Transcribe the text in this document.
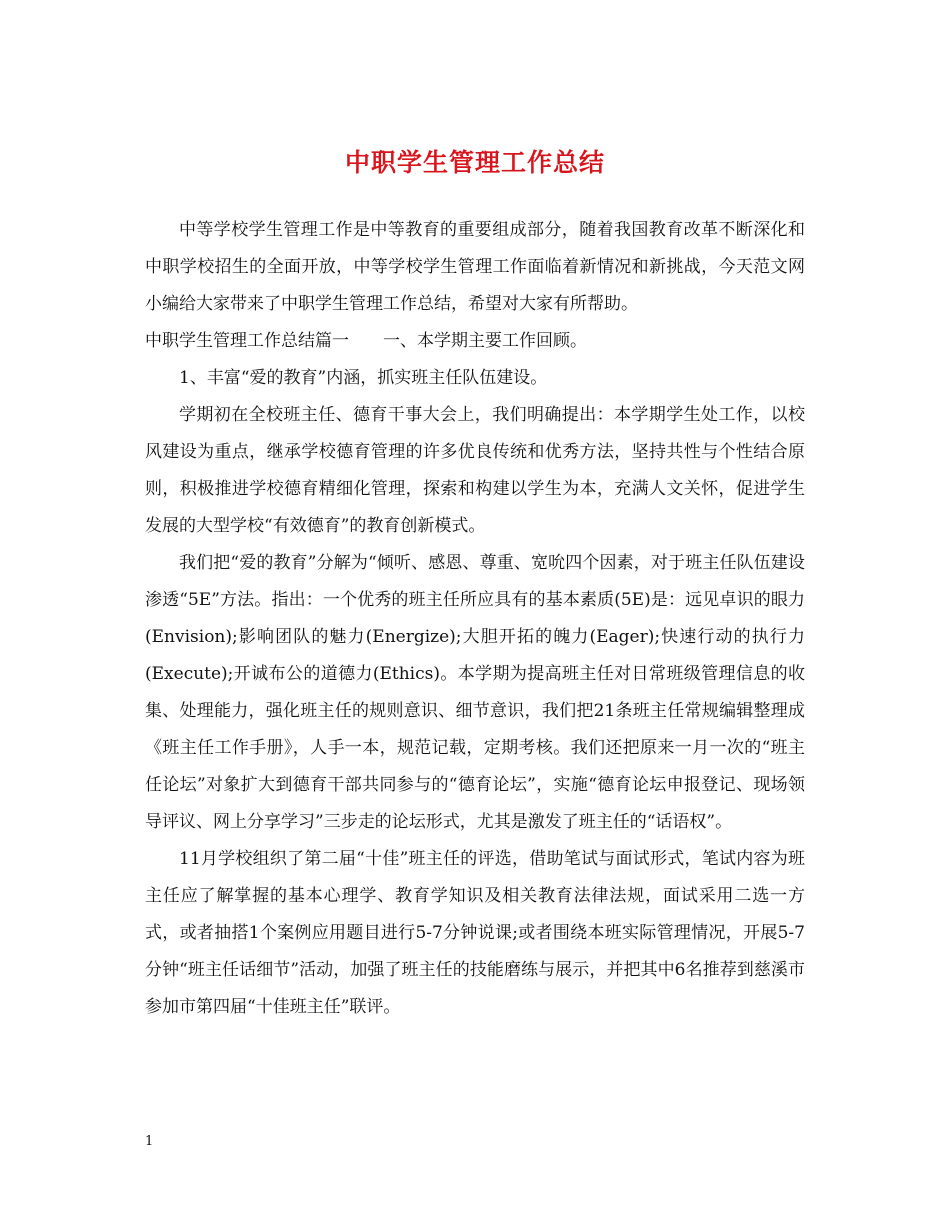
中职学生管理工作总结

中等学校学生管理工作是中等教育的重要组成部分，随着我国教育改革不断深化和中职学校招生的全面开放，中等学校学生管理工作面临着新情况和新挑战，今天范文网小编给大家带来了中职学生管理工作总结，希望对大家有所帮助。

中职学生管理工作总结篇一　　一、本学期主要工作回顾。

1、丰富“爱的教育”内涵，抓实班主任队伍建设。

学期初在全校班主任、德育干事大会上，我们明确提出：本学期学生处工作，以校风建设为重点，继承学校德育管理的许多优良传统和优秀方法，坚持共性与个性结合原则，积极推进学校德育精细化管理，探索和构建以学生为本，充满人文关怀，促进学生发展的大型学校“有效德育”的教育创新模式。

我们把“爱的教育”分解为“倾听、感恩、尊重、宽吮四个因素，对于班主任队伍建设渗透“5E”方法。指出：一个优秀的班主任所应具有的基本素质(5E)是：远见卓识的眼力(Envision);影响团队的魅力(Energize);大胆开拓的魄力(Eager);快速行动的执行力(Execute);开诚布公的道德力(Ethics)。本学期为提高班主任对日常班级管理信息的收集、处理能力，强化班主任的规则意识、细节意识，我们把21条班主任常规编辑整理成《班主任工作手册》，人手一本，规范记载，定期考核。我们还把原来一月一次的“班主任论坛”对象扩大到德育干部共同参与的“德育论坛”，实施“德育论坛申报登记、现场领导评议、网上分享学习”三步走的论坛形式，尤其是激发了班主任的“话语权”。

11月学校组织了第二届“十佳”班主任的评选，借助笔试与面试形式，笔试内容为班主任应了解掌握的基本心理学、教育学知识及相关教育法律法规，面试采用二选一方式，或者抽搭1个案例应用题目进行5-7分钟说课;或者围绕本班实际管理情况，开展5-7分钟“班主任话细节”活动，加强了班主任的技能磨练与展示，并把其中6名推荐到慈溪市参加市第四届“十佳班主任”联评。

1
